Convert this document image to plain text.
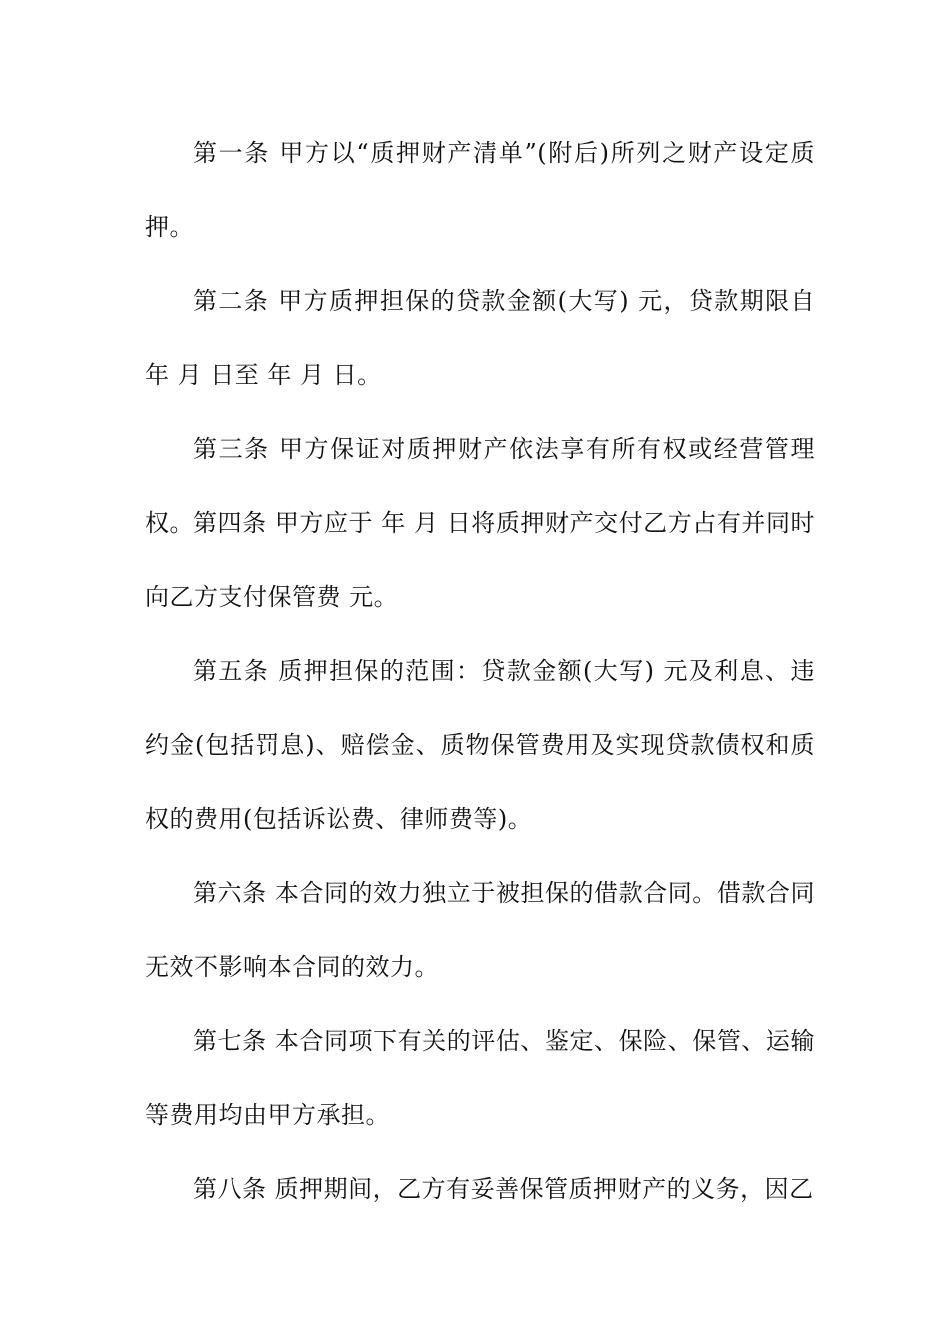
第一条 甲方以“质押财产清单”(附后)所列之财产设定质押。

第二条 甲方质押担保的贷款金额(大写) 元，贷款期限自 年 月 日至 年 月 日。

第三条 甲方保证对质押财产依法享有所有权或经营管理权。 第四条 甲方应于 年 月 日将质押财产交付乙方占有并同时向乙方支付保管费 元。

第五条 质押担保的范围：贷款金额(大写) 元及利息、违约金(包括罚息)、赔偿金、质物保管费用及实现贷款债权和质权的费用(包括诉讼费、律师费等)。

第六条 本合同的效力独立于被担保的借款合同。借款合同无效不影响本合同的效力。

第七条 本合同项下有关的评估、鉴定、保险、保管、运输等费用均由甲方承担。

第八条 质押期间，乙方有妥善保管质押财产的义务，因乙
